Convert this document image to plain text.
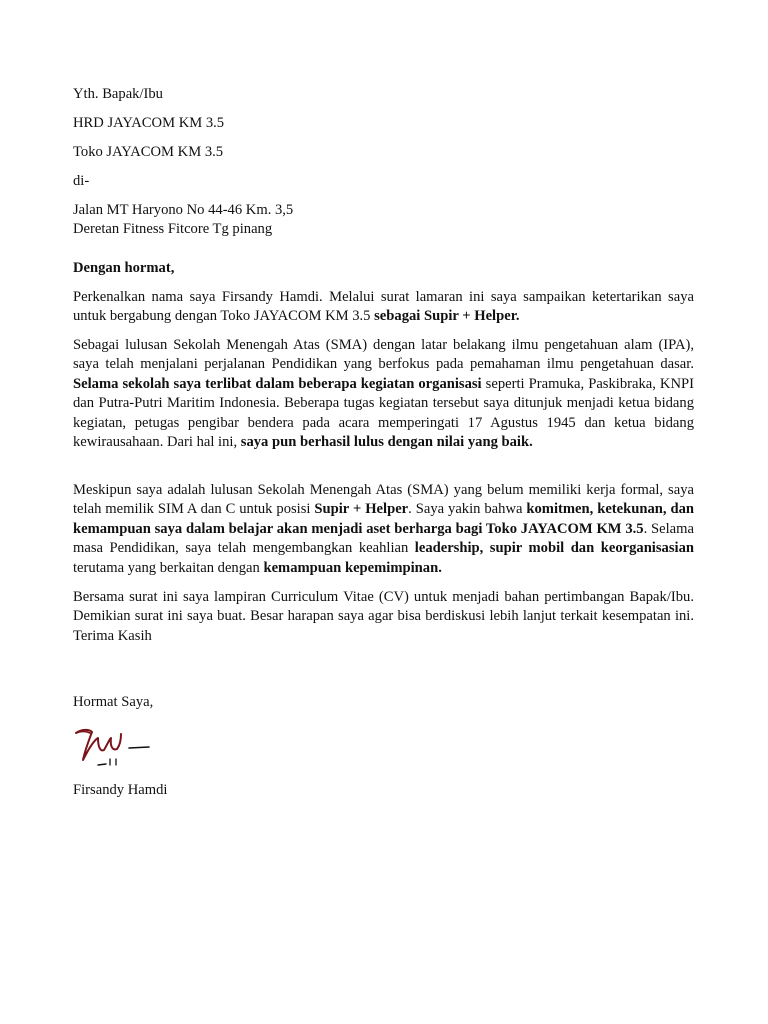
Yth. Bapak/Ibu
HRD JAYACOM KM 3.5
Toko JAYACOM KM 3.5
di-
Jalan MT Haryono No 44-46 Km. 3,5
Deretan Fitness Fitcore Tg pinang
Dengan hormat,

Perkenalkan nama saya Firsandy Hamdi. Melalui surat lamaran ini saya sampaikan ketertarikan saya untuk bergabung dengan Toko JAYACOM KM 3.5 sebagai Supir + Helper.

Sebagai lulusan Sekolah Menengah Atas (SMA) dengan latar belakang ilmu pengetahuan alam (IPA), saya telah menjalani perjalanan Pendidikan yang berfokus pada pemahaman ilmu pengetahuan dasar. Selama sekolah saya terlibat dalam beberapa kegiatan organisasi seperti Pramuka, Paskibraka, KNPI dan Putra-Putri Maritim Indonesia. Beberapa tugas kegiatan tersebut saya ditunjuk menjadi ketua bidang kegiatan, petugas pengibar bendera pada acara memperingati 17 Agustus 1945 dan ketua bidang kewirausahaan. Dari hal ini, saya pun berhasil lulus dengan nilai yang baik.

Meskipun saya adalah lulusan Sekolah Menengah Atas (SMA) yang belum memiliki kerja formal, saya telah memilik SIM A dan C untuk posisi Supir + Helper. Saya yakin bahwa komitmen, ketekunan, dan kemampuan saya dalam belajar akan menjadi aset berharga bagi Toko JAYACOM KM 3.5. Selama masa Pendidikan, saya telah mengembangkan keahlian leadership, supir mobil dan keorganisasian terutama yang berkaitan dengan kemampuan kepemimpinan.

Bersama surat ini saya lampiran Curriculum Vitae (CV) untuk menjadi bahan pertimbangan Bapak/Ibu. Demikian surat ini saya buat. Besar harapan saya agar bisa berdiskusi lebih lanjut terkait kesempatan ini. Terima Kasih

Hormat Saya,
Firsandy Hamdi
